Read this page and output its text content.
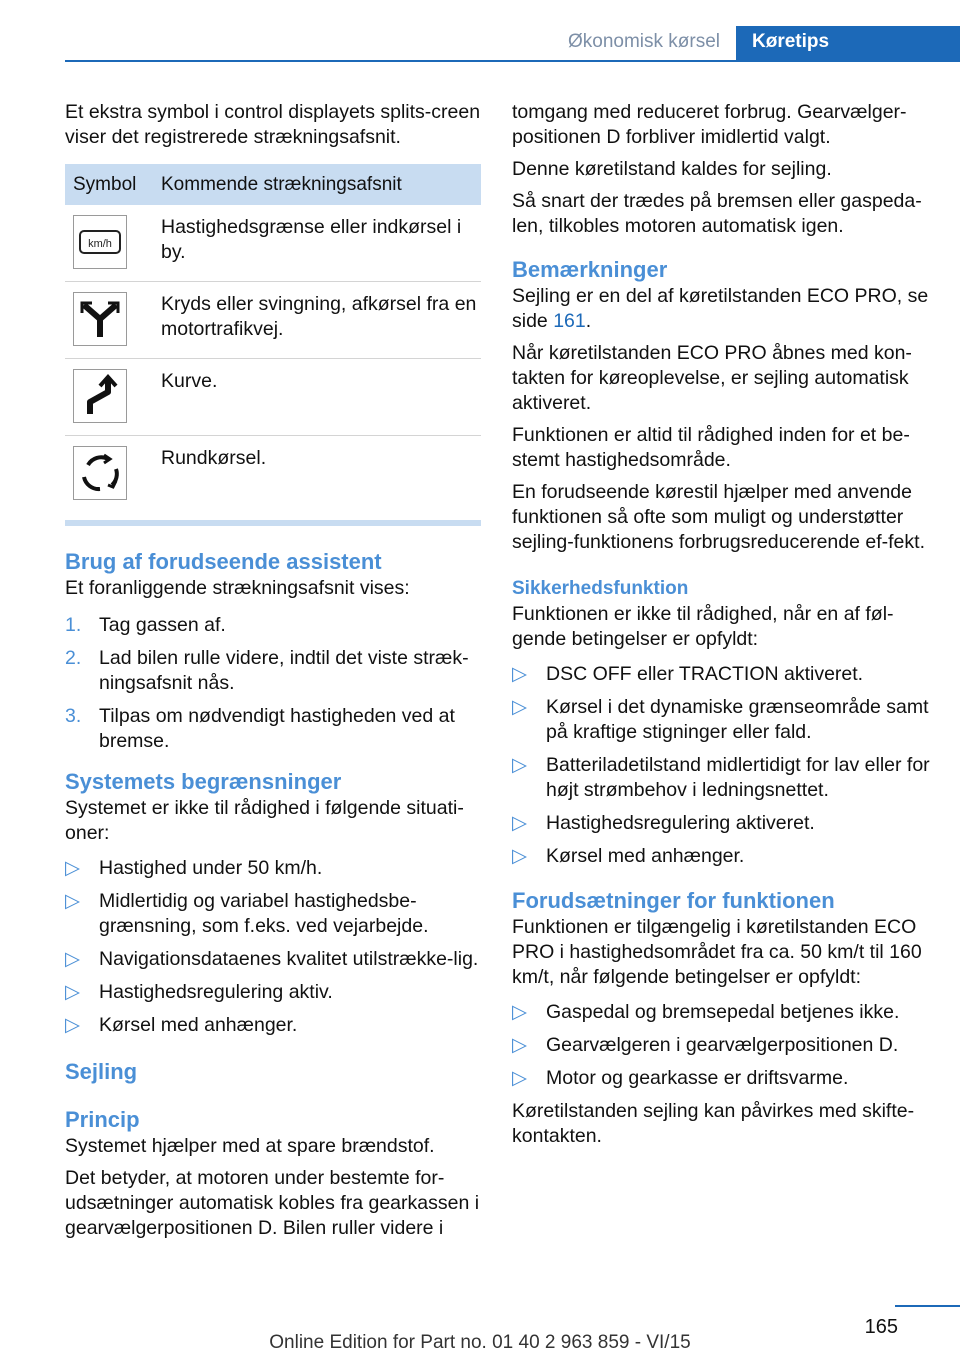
Økonomisk kørsel	Køretips

Et ekstra symbol i control displayets splits-creen viser det registrerede strækningsafsnit.

Symbol	Kommende strækningsafsnit

km/h	Hastighedsgrænse eller indkørsel i by.

	Kryds eller svingning, afkørsel fra en motortrafikvej.

	Kurve.

	Rundkørsel.
Brug af forudseende assistent

Et foranliggende strækningsafsnit vises:

1. Tag gassen af.
2. Lad bilen rulle videre, indtil det viste stræk-ningsafsnit nås.
3. Tilpas om nødvendigt hastigheden ved at bremse.
Systemets begrænsninger

Systemet er ikke til rådighed i følgende situati-oner:

▷ Hastighed under 50 km/h.
▷ Midlertidig og variabel hastighedsbe-grænsning, som f.eks. ved vejarbejde.
▷ Navigationsdataenes kvalitet utilstrække-lig.
▷ Hastighedsregulering aktiv.
▷ Kørsel med anhænger.
Sejling
Princip

Systemet hjælper med at spare brændstof.

Det betyder, at motoren under bestemte for-udsætninger automatisk kobles fra gearkassen i gearvælgerpositionen D. Bilen ruller videre i

tomgang med reduceret forbrug. Gearvælger-positionen D forbliver imidlertid valgt.

Denne køretilstand kaldes for sejling.

Så snart der trædes på bremsen eller gaspeda-len, tilkobles motoren automatisk igen.

Bemærkninger

Sejling er en del af køretilstanden ECO PRO, se side 161.

Når køretilstanden ECO PRO åbnes med kon-takten for køreoplevelse, er sejling automatisk aktiveret.

Funktionen er altid til rådighed inden for et be-stemt hastighedsområde.

En forudseende kørestil hjælper med anvende funktionen så ofte som muligt og understøtter sejling-funktionens forbrugsreducerende ef-fekt.

Sikkerhedsfunktion

Funktionen er ikke til rådighed, når en af føl-gende betingelser er opfyldt:

▷ DSC OFF eller TRACTION aktiveret.
▷ Kørsel i det dynamiske grænseområde samt på kraftige stigninger eller fald.
▷ Batteriladetilstand midlertidigt for lav eller for højt strømbehov i ledningsnettet.
▷ Hastighedsregulering aktiveret.
▷ Kørsel med anhænger.
Forudsætninger for funktionen

Funktionen er tilgængelig i køretilstanden ECO PRO i hastighedsområdet fra ca. 50 km/t til 160 km/t, når følgende betingelser er opfyldt:

▷ Gaspedal og bremsepedal betjenes ikke.
▷ Gearvælgeren i gearvælgerpositionen D.
▷ Motor og gearkasse er driftsvarme.

Køretilstanden sejling kan påvirkes med skifte-kontakten.

165
Online Edition for Part no. 01 40 2 963 859 - VI/15
